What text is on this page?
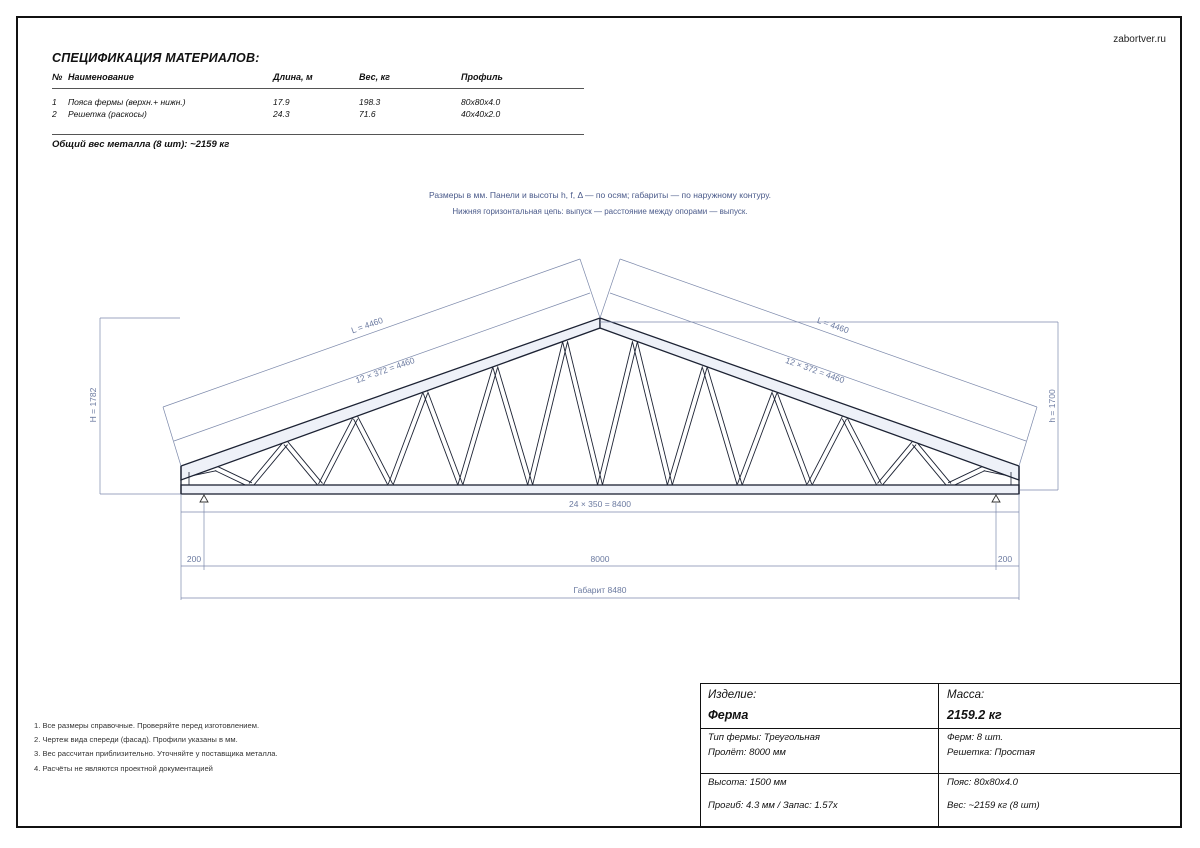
zabortver.ru
СПЕЦИФИКАЦИЯ МАТЕРИАЛОВ:
№ Наименование	Длина, м	Вес, кг	Профиль
1 Пояса фермы (верхн.+ нижн.)	17.9	198.3	80x80x4.0
2 Решетка (раскосы)	24.3	71.6	40x40x2.0
Общий вес металла (8 шт): ~2159 кг
Размеры в мм. Панели и высоты h, f, Δ — по осям; габариты — по наружному контуру.
Нижняя горизонтальная цепь: выпуск — расстояние между опорами — выпуск.
L = 4460
12 × 372 = 4460
L = 4460
12 × 372 = 4460
H = 1782	h = 1700
24 × 350 = 8400
200	8000	200
Габарит 8480
1. Все размеры справочные. Проверяйте перед изготовлением.
2. Чертеж вида спереди (фасад). Профили указаны в мм.
3. Вес рассчитан приблизительно. Уточняйте у поставщика металла.
4. Расчёты не являются проектной документацией
Изделие:
Ферма
Масса:
2159.2 кг
Тип фермы: Треугольная
Пролёт: 8000 мм
Ферм: 8 шт.
Решетка: Простая
Высота: 1500 мм
Прогиб: 4.3 мм / Запас: 1.57x
Пояс: 80x80x4.0
Вес: ~2159 кг (8 шт)
